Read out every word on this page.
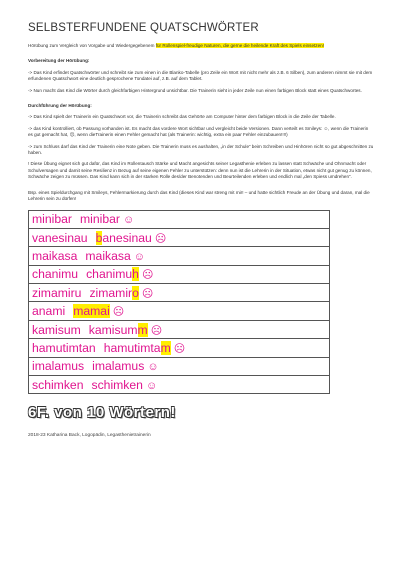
SELBSTERFUNDENE QUATSCHWÖRTER
Hörübung zum Vergleich von Vorgabe und Wiedergegebenem für Rollenspiel-freudige Naturen, die gerne die heilende Kraft des Spiels einsetzen!
Vorbereitung der Hörübung:
-> Das Kind erfindet Quatschwörter und schreibt sie zum einen in die Blanko-Tabelle (pro Zeile ein Wort mit nicht mehr als z.B. 6 Silben), zum anderen nimmt sie mit dem erfundenen Quatschwort eine deutlich gesprochene Tondatei auf, z.B. auf dem Tablet.
-> Nun macht das Kind die Wörter durch gleichfarbigen Hintergrund unsichtbar. Die Trainerin sieht in jeder Zeile nun einen farbigen Block statt eines Quatschwortes.
Durchführung der Hörübung:
-> Das Kind spielt der Trainerin ein Quatschwort vor, die Trainerin schreibt das Gehörte am Computer hinter dem farbigen Block in die Zeile der Tabelle.
-> das Kind kontrolliert, ob Passung vorhanden ist. Es macht das vordere Wort sichtbar und vergleicht beide Versionen. Dann verteilt es Smileys: ☺, wenn die Trainerin es gut gemacht hat, ☹, wenn dieTrainerin einen Fehler gemacht hat (als Trainerin: wichtig, extra ein paar Fehler einzubauen!!!!)
-> zum Schluss darf das Kind der Trainerin eine Note geben. Die Trainerin muss es aushalten, „in der Schule“ beim Schreiben und Hinhören nicht so gut abgeschnitten zu haben.
! Diese Übung eignet sich gut dafür, das Kind im Rollentausch Stärke und Macht angesichts seiner Legasthenie erleben zu lassen statt Schwäche und Ohnmacht oder Schulversagen und damit seine Resilienz in Bezug auf seine eigenen Fehler zu unterstützen: denn nun ist die Lehrerin in der Situation, etwas nicht gut genug zu können, Schwäche zeigen zu müssen. Das Kind kann sich in der starken Rolle des/der Benotenden und Beurteilenden erleben und endlich mal „den Spiess umdrehen“.
Bsp. eines Spieldurchgang mit Smileys, Fehlermarkierung durch das Kind (dieses Kind war streng mit mir! – und hatte sichtlich Freude an der Übung und daran, mal die Lehrerin sein zu dürfen!
minibar minibar ☺
vanesinau banesinau ☹
maikasa maikasa ☺
chanimu chanimuh ☹
zimamiru zimamiro ☹
anami mamai ☹
kamisum kamisumm ☹
hamutimtan hamutimtam ☹
imalamus imalamus ☺
schimken schimken ☺
6F. von 10 Wörtern!
2018-23 Katharina Back, Logopädin, Legasthenietrainerin
